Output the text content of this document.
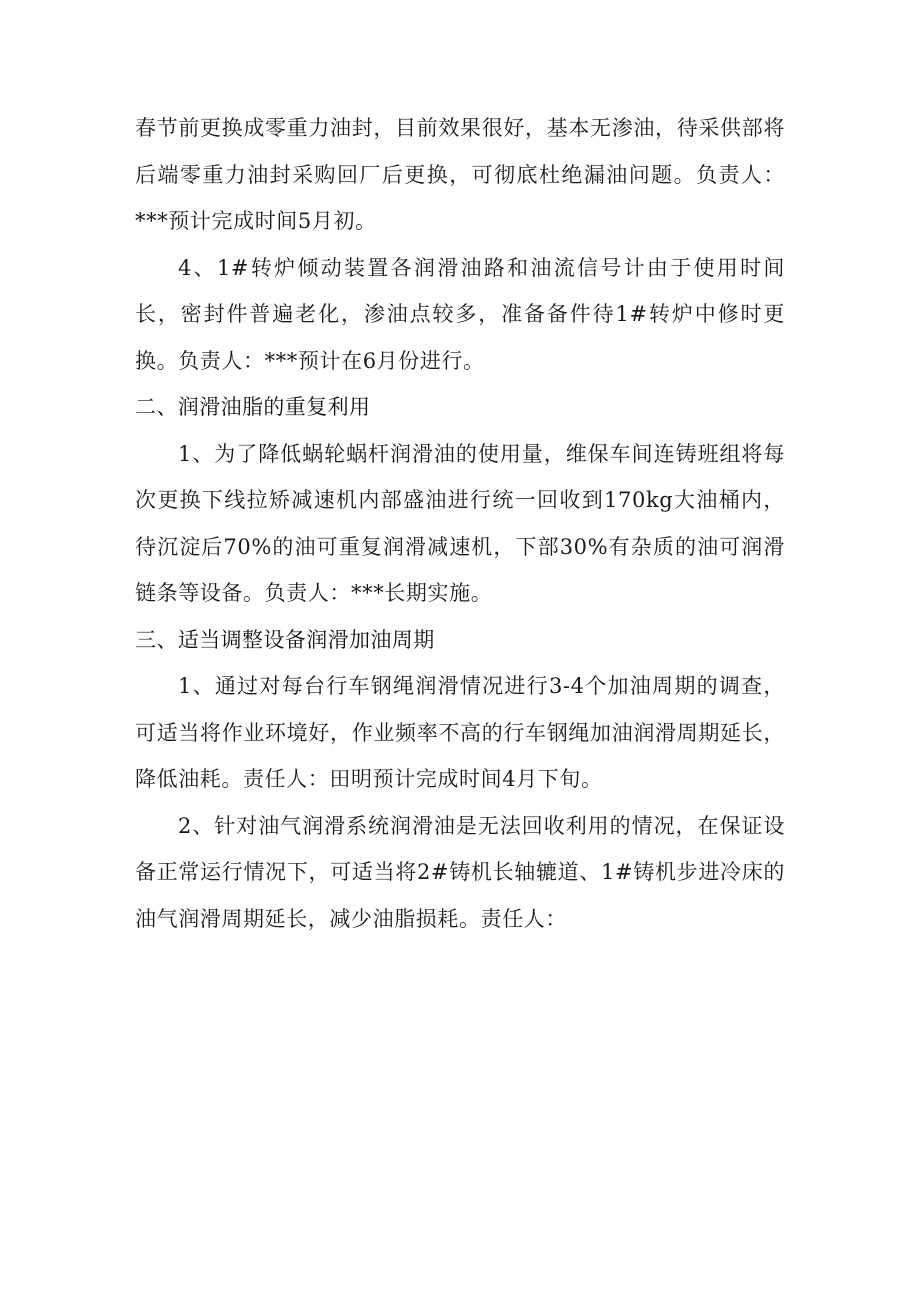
春节前更换成零重力油封，目前效果很好，基本无渗油，待采供部将后端零重力油封采购回厂后更换，可彻底杜绝漏油问题。负责人：***预计完成时间5月初。

4、1#转炉倾动装置各润滑油路和油流信号计由于使用时间长，密封件普遍老化，渗油点较多，准备备件待1#转炉中修时更换。负责人：***预计在6月份进行。

二、润滑油脂的重复利用

1、为了降低蜗轮蜗杆润滑油的使用量，维保车间连铸班组将每次更换下线拉矫减速机内部盛油进行统一回收到170kg大油桶内，待沉淀后70%的油可重复润滑减速机，下部30%有杂质的油可润滑链条等设备。负责人：***长期实施。

三、适当调整设备润滑加油周期

1、通过对每台行车钢绳润滑情况进行3-4个加油周期的调查，可适当将作业环境好，作业频率不高的行车钢绳加油润滑周期延长，降低油耗。责任人：田明预计完成时间4月下旬。

2、针对油气润滑系统润滑油是无法回收利用的情况，在保证设备正常运行情况下，可适当将2#铸机长轴辘道、1#铸机步进冷床的油气润滑周期延长，减少油脂损耗。责任人：
